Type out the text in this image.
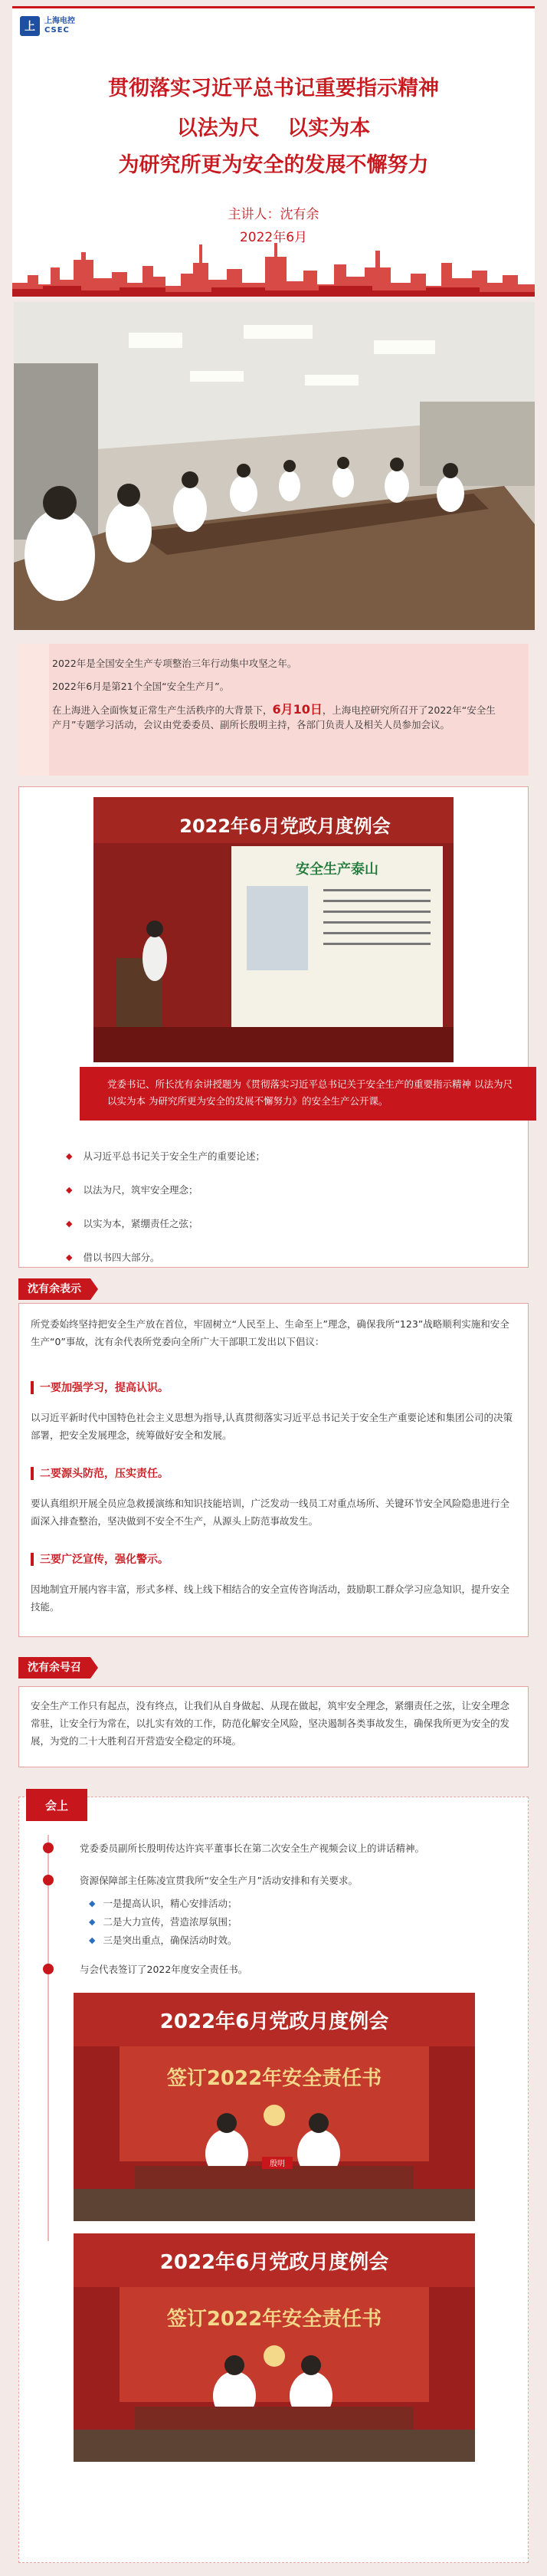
上	上海电控
CSEC
贯彻落实习近平总书记重要指示精神
以法为尺　 以实为本
为研究所更为安全的发展不懈努力
主讲人：沈有余
2022年6月
2022年是全国安全生产专项整治三年行动集中攻坚之年。
2022年6月是第21个全国“安全生产月”。
在上海进入全面恢复正常生产生活秩序的大背景下，6月10日，上海电控研究所召开了2022年“安全生产月”专题学习活动，会议由党委委员、副所长殷明主持，各部门负责人及相关人员参加会议。
2022年6月党政月度例会
安全生产泰山
党委书记、所长沈有余讲授题为《贯彻落实习近平总书记关于安全生产的重要指示精神 以法为尺 以实为本 为研究所更为安全的发展不懈努力》的安全生产公开课。
◆ 从习近平总书记关于安全生产的重要论述；
◆ 以法为尺，筑牢安全理念；
◆ 以实为本，紧绷责任之弦；
◆ 借以书四大部分。
沈有余表示
所党委始终坚持把安全生产放在首位，牢固树立“人民至上、生命至上”理念，确保我所“123”战略顺利实施和安全生产“0”事故，沈有余代表所党委向全所广大干部职工发出以下倡议：
一要加强学习，提高认识。
以习近平新时代中国特色社会主义思想为指导,认真贯彻落实习近平总书记关于安全生产重要论述和集团公司的决策部署，把安全发展理念，统筹做好安全和发展。
二要源头防范，压实责任。
要认真组织开展全员应急救援演练和知识技能培训，广泛发动一线员工对重点场所、关键环节安全风险隐患进行全面深入排查整治，坚决做到不安全不生产，从源头上防范事故发生。
三要广泛宣传，强化警示。
因地制宜开展内容丰富，形式多样、线上线下相结合的安全宣传咨询活动，鼓励职工群众学习应急知识，提升安全技能。
沈有余号召
安全生产工作只有起点，没有终点，让我们从自身做起、从现在做起，筑牢安全理念，紧绷责任之弦，让安全理念常驻，让安全行为常在，以扎实有效的工作，防范化解安全风险，坚决遏制各类事故发生，确保我所更为安全的发展，为党的二十大胜利召开营造安全稳定的环境。
会上
党委委员副所长殷明传达许宾平董事长在第二次安全生产视频会议上的讲话精神。
资源保障部主任陈凌宣贯我所“安全生产月”活动安排和有关要求。
◆ 一是提高认识，精心安排活动；
◆ 二是大力宣传，营造浓厚氛围；
◆ 三是突出重点，确保活动时效。
与会代表签订了2022年度安全责任书。
2022年6月党政月度例会
签订2022年安全责任书
殷明
2022年6月党政月度例会
签订2022年安全责任书
